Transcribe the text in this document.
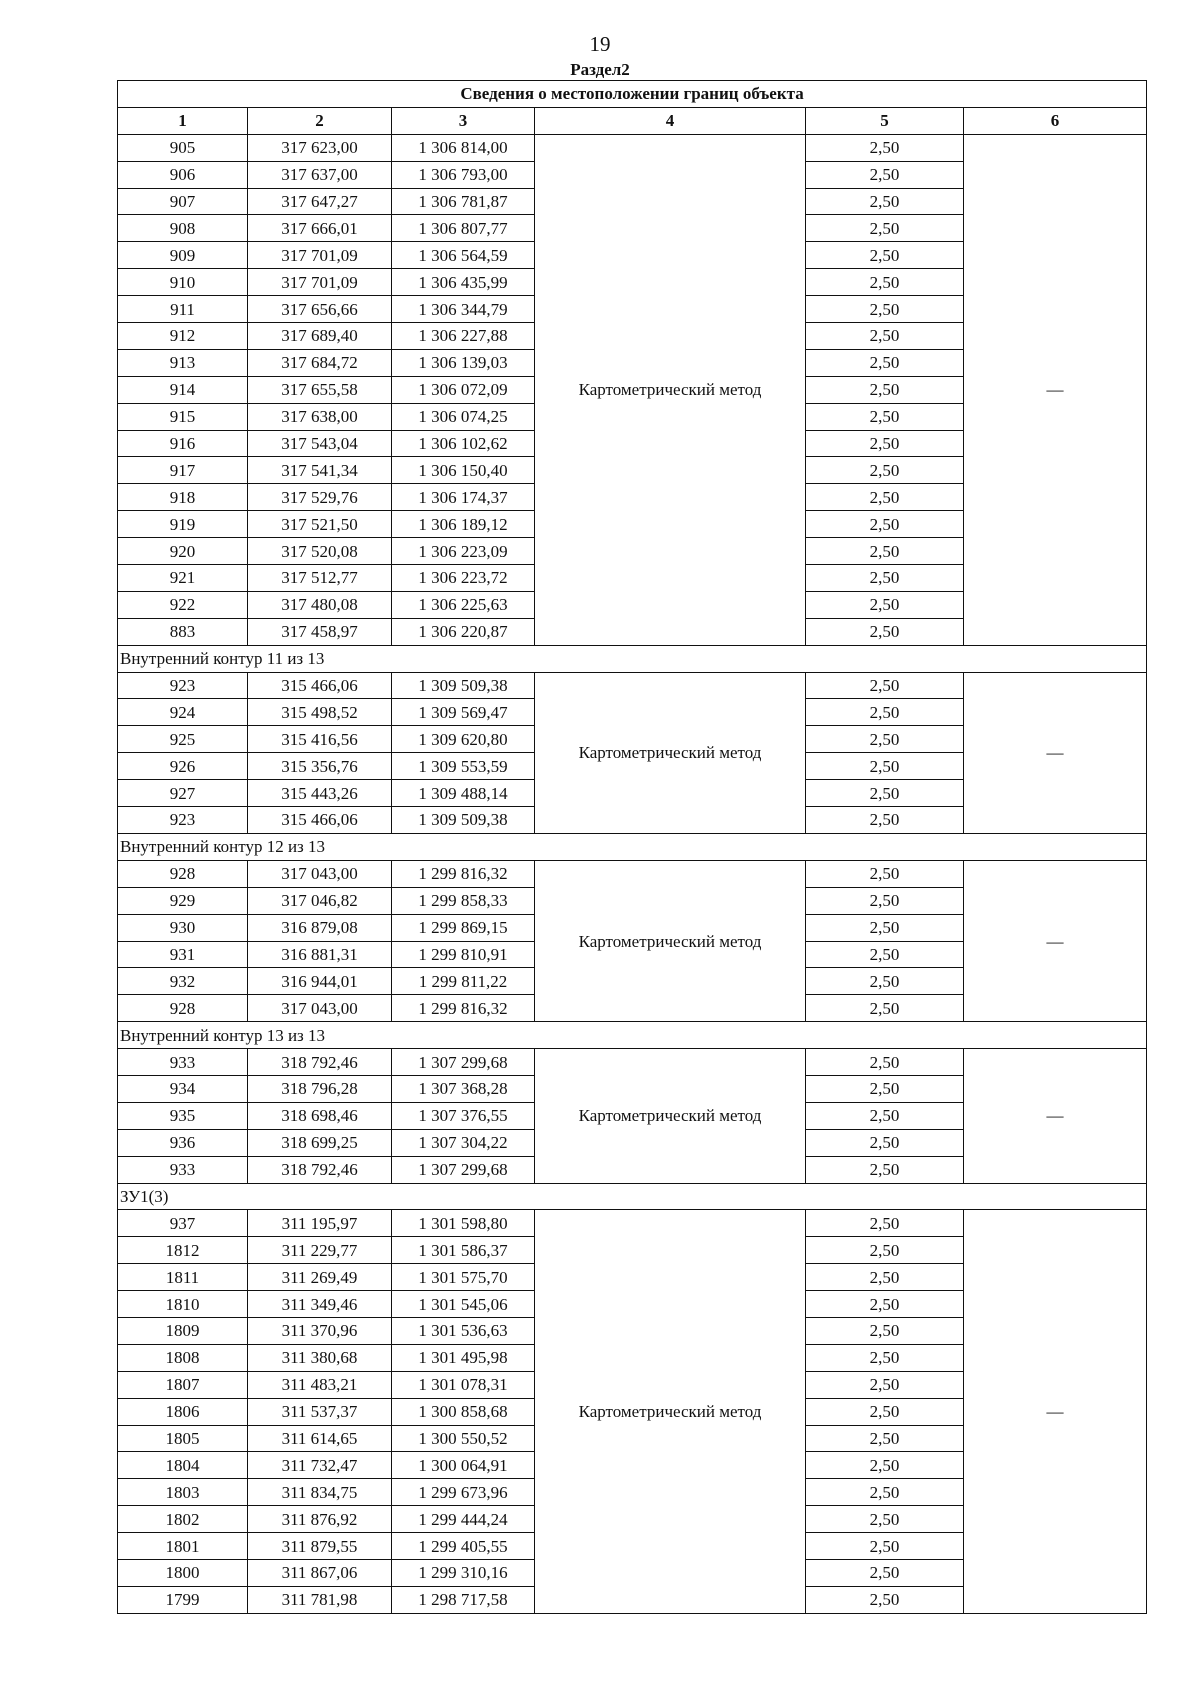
19
Раздел2
Сведения о местоположении границ объекта					
1	2	3	4	5	6
905	317 623,00	1 306 814,00	Картометрический метод	2,50	—
906	317 637,00	1 306 793,00		2,50	
907	317 647,27	1 306 781,87		2,50	
908	317 666,01	1 306 807,77		2,50	
909	317 701,09	1 306 564,59		2,50	
910	317 701,09	1 306 435,99		2,50	
911	317 656,66	1 306 344,79		2,50	
912	317 689,40	1 306 227,88		2,50	
913	317 684,72	1 306 139,03		2,50	
914	317 655,58	1 306 072,09		2,50	
915	317 638,00	1 306 074,25		2,50	
916	317 543,04	1 306 102,62		2,50	
917	317 541,34	1 306 150,40		2,50	
918	317 529,76	1 306 174,37		2,50	
919	317 521,50	1 306 189,12		2,50	
920	317 520,08	1 306 223,09		2,50	
921	317 512,77	1 306 223,72		2,50	
922	317 480,08	1 306 225,63		2,50	
883	317 458,97	1 306 220,87		2,50	
Внутренний контур 11 из 13					
923	315 466,06	1 309 509,38	Картометрический метод	2,50	—
924	315 498,52	1 309 569,47		2,50	
925	315 416,56	1 309 620,80		2,50	
926	315 356,76	1 309 553,59		2,50	
927	315 443,26	1 309 488,14		2,50	
923	315 466,06	1 309 509,38		2,50	
Внутренний контур 12 из 13					
928	317 043,00	1 299 816,32	Картометрический метод	2,50	—
929	317 046,82	1 299 858,33		2,50	
930	316 879,08	1 299 869,15		2,50	
931	316 881,31	1 299 810,91		2,50	
932	316 944,01	1 299 811,22		2,50	
928	317 043,00	1 299 816,32		2,50	
Внутренний контур 13 из 13					
933	318 792,46	1 307 299,68	Картометрический метод	2,50	—
934	318 796,28	1 307 368,28		2,50	
935	318 698,46	1 307 376,55		2,50	
936	318 699,25	1 307 304,22		2,50	
933	318 792,46	1 307 299,68		2,50	
ЗУ1(3)					
937	311 195,97	1 301 598,80	Картометрический метод	2,50	—
1812	311 229,77	1 301 586,37		2,50	
1811	311 269,49	1 301 575,70		2,50	
1810	311 349,46	1 301 545,06		2,50	
1809	311 370,96	1 301 536,63		2,50	
1808	311 380,68	1 301 495,98		2,50	
1807	311 483,21	1 301 078,31		2,50	
1806	311 537,37	1 300 858,68		2,50	
1805	311 614,65	1 300 550,52		2,50	
1804	311 732,47	1 300 064,91		2,50	
1803	311 834,75	1 299 673,96		2,50	
1802	311 876,92	1 299 444,24		2,50	
1801	311 879,55	1 299 405,55		2,50	
1800	311 867,06	1 299 310,16		2,50	
1799	311 781,98	1 298 717,58		2,50	
